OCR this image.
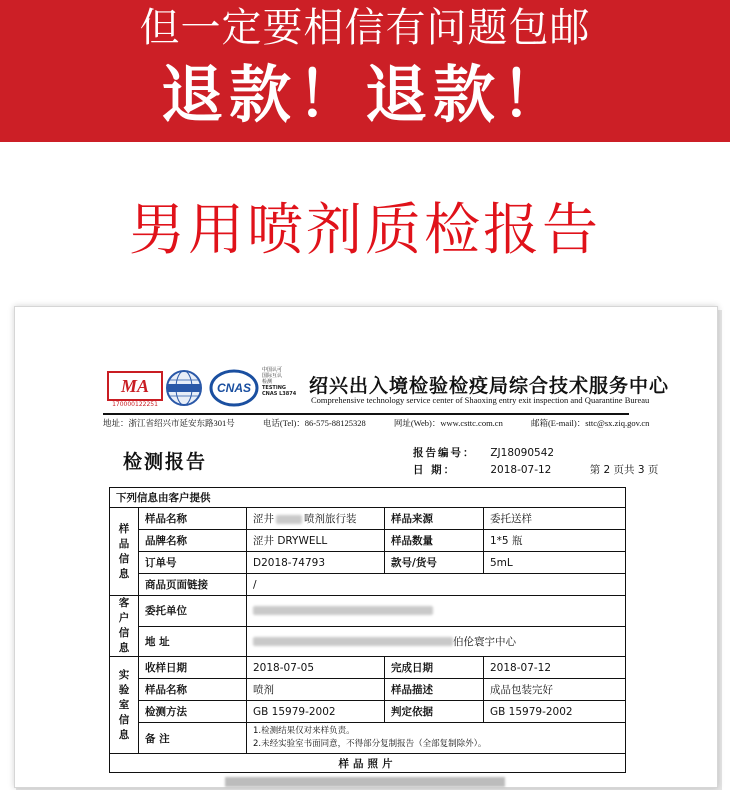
但一定要相信有问题包邮
退款！退款！
男用喷剂质检报告
MA
170000122251
CNAS
中国认可
国际互认
检测
TESTING
CNAS L3874 绍兴出入境检验检疫局综合技术服务中心
Comprehensive technology service center of Shaoxing entry exit inspection and Quarantine Bureau
地址：浙江省绍兴市延安东路301号	电话(Tel)：86-575-88125328	网址(Web)：www.csttc.com.cn	邮箱(E-mail)：sttc@sx.ziq.gov.cn
检测报告	报告编号： ZJ18090542
日 期：	2018-07-12	第 2 页共 3 页
下列信息由客户提供				

样品信息	样品名称	涩井 喷剂旅行装	样品来源	委托送样
	品牌名称	涩井 DRYWELL	样品数量	1*5 瓶
	订单号	D2018-74793	款号/货号	5mL
	商品页面链接	/		

客户信息	委托单位			
	地 址	伯伦寰宇中心		

实验室信息	收样日期	2018-07-05	完成日期	2018-07-12
	样品名称	喷剂	样品描述	成品包装完好
	检测方法	GB 15979-2002	判定依据	GB 15979-2002
	备 注	1.检测结果仅对来样负责。
2.未经实验室书面同意，不得部分复制报告（全部复制除外）。		

样品照片				
